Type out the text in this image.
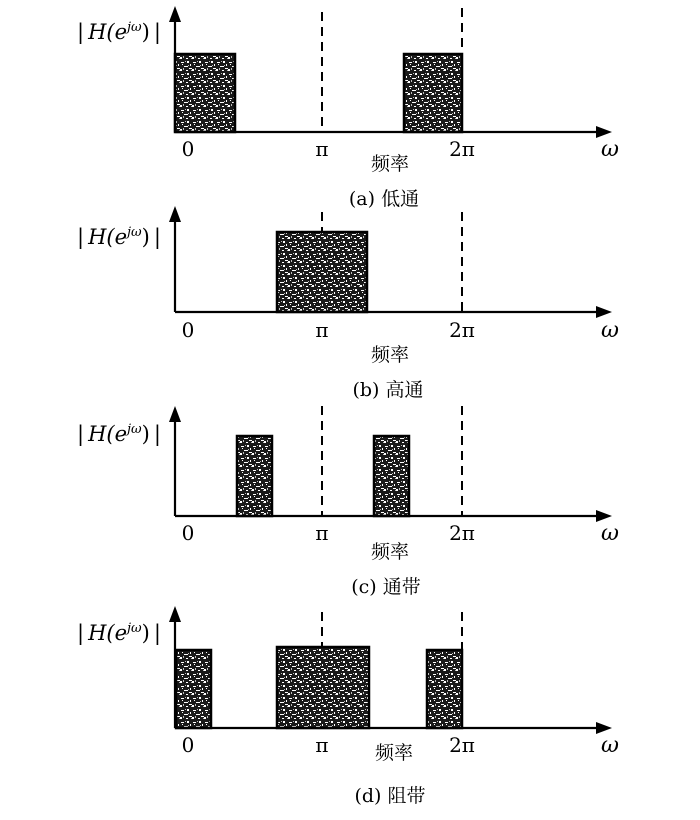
| $H(e^{j\omega})$ |
0	π	2π	ω
频率
(a) 低通
| $H(e^{j\omega})$ |
0	π	2π	ω
频率
(b) 高通
| $H(e^{j\omega})$ |
0	π	2π	ω
频率
(c) 通带
| $H(e^{j\omega})$ |
0	π	2π	ω
频率
(d) 阻带
